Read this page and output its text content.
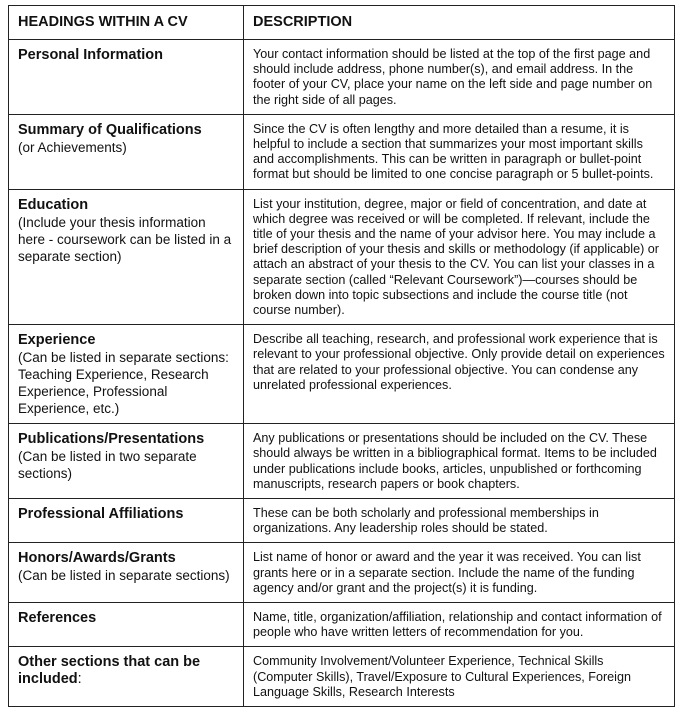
HEADINGS WITHIN A CV	DESCRIPTION

Personal Information	Your contact information should be listed at the top of the first page and should include address, phone number(s), and email address. In the footer of your CV, place your name on the left side and page number on the right side of all pages.

Summary of Qualifications
(or Achievements)	Since the CV is often lengthy and more detailed than a resume, it is helpful to include a section that summarizes your most important skills and accomplishments. This can be written in paragraph or bullet-point format but should be limited to one concise paragraph or 5 bullet-points.

Education
(Include your thesis information here - coursework can be listed in a separate section)	List your institution, degree, major or field of concentration, and date at which degree was received or will be completed. If relevant, include the title of your thesis and the name of your advisor here. You may include a brief description of your thesis and skills or methodology (if applicable) or attach an abstract of your thesis to the CV. You can list your classes in a separate section (called “Relevant Coursework”)—courses should be broken down into topic subsections and include the course title (not course number).

Experience
(Can be listed in separate sections: Teaching Experience, Research Experience, Professional Experience, etc.)	Describe all teaching, research, and professional work experience that is relevant to your professional objective. Only provide detail on experiences that are related to your professional objective. You can condense any unrelated professional experiences.

Publications/Presentations
(Can be listed in two separate sections)	Any publications or presentations should be included on the CV. These should always be written in a bibliographical format. Items to be included under publications include books, articles, unpublished or forthcoming manuscripts, research papers or book chapters.

Professional Affiliations	These can be both scholarly and professional memberships in organizations. Any leadership roles should be stated.

Honors/Awards/Grants
(Can be listed in separate sections)	List name of honor or award and the year it was received. You can list grants here or in a separate section. Include the name of the funding agency and/or grant and the project(s) it is funding.

References	Name, title, organization/affiliation, relationship and contact information of people who have written letters of recommendation for you.

Other sections that can be included:	Community Involvement/Volunteer Experience, Technical Skills (Computer Skills), Travel/Exposure to Cultural Experiences, Foreign Language Skills, Research Interests
